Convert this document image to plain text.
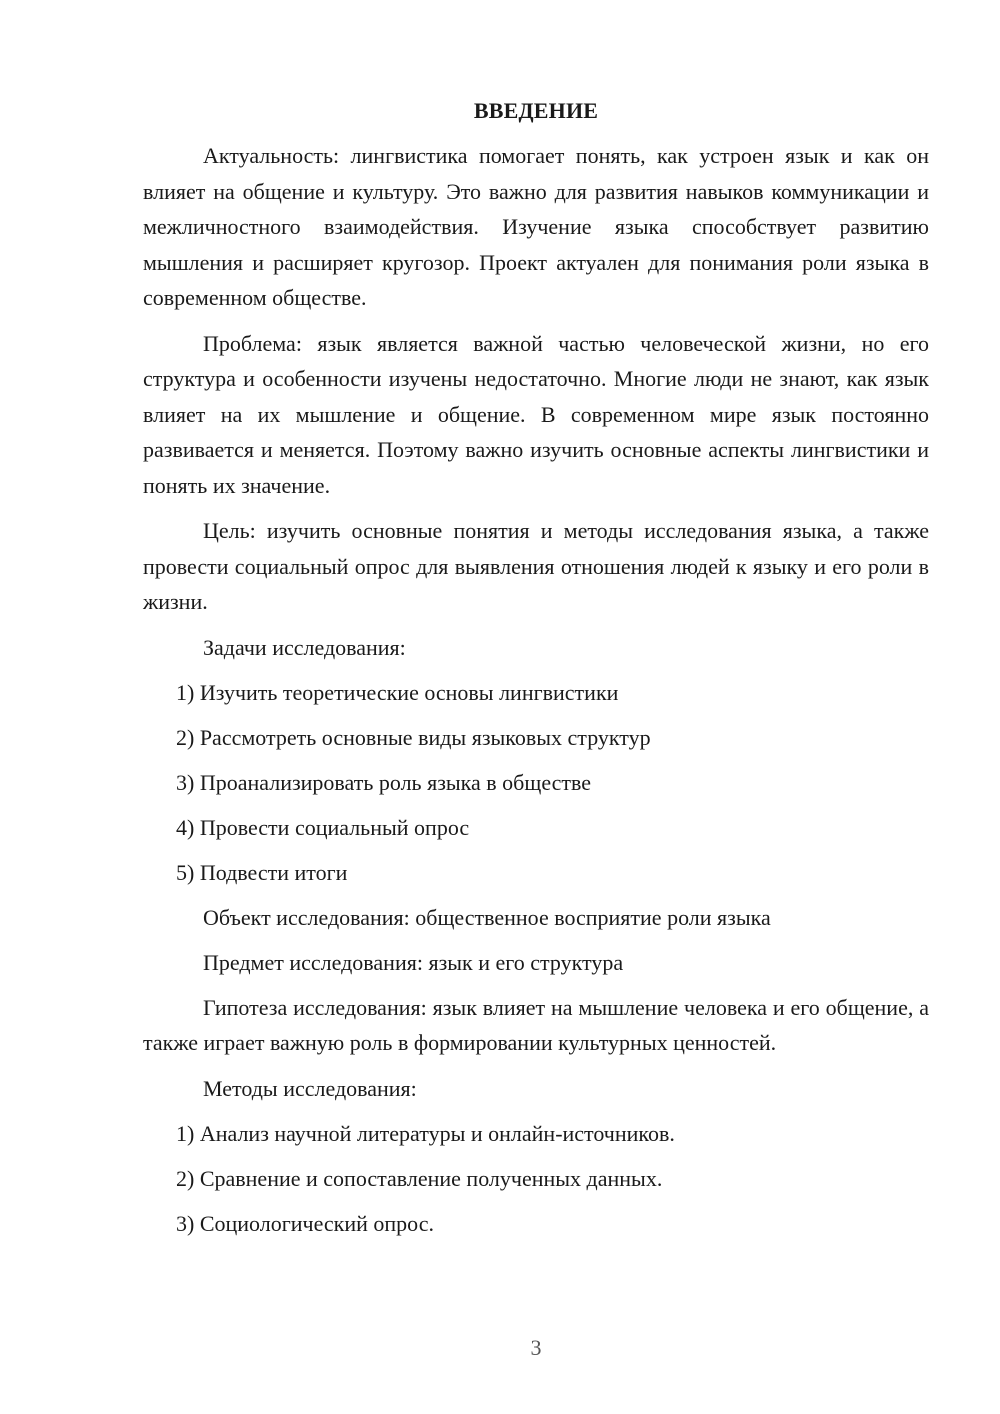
ВВЕДЕНИЕ
Актуальность: лингвистика помогает понять, как устроен язык и как он влияет на общение и культуру. Это важно для развития навыков коммуникации и межличностного взаимодействия. Изучение языка способствует развитию мышления и расширяет кругозор. Проект актуален для понимания роли языка в современном обществе.
Проблема: язык является важной частью человеческой жизни, но его структура и особенности изучены недостаточно. Многие люди не знают, как язык влияет на их мышление и общение. В современном мире язык постоянно развивается и меняется. Поэтому важно изучить основные аспекты лингвистики и понять их значение.
Цель: изучить основные понятия и методы исследования языка, а также провести социальный опрос для выявления отношения людей к языку и его роли в жизни.
Задачи исследования:
1) Изучить теоретические основы лингвистики
2) Рассмотреть основные виды языковых структур
3) Проанализировать роль языка в обществе
4) Провести социальный опрос
5) Подвести итоги
Объект исследования: общественное восприятие роли языка
Предмет исследования: язык и его структура
Гипотеза исследования: язык влияет на мышление человека и его общение, а также играет важную роль в формировании культурных ценностей.
Методы исследования:
1) Анализ научной литературы и онлайн-источников.
2) Сравнение и сопоставление полученных данных.
3) Социологический опрос.
3
